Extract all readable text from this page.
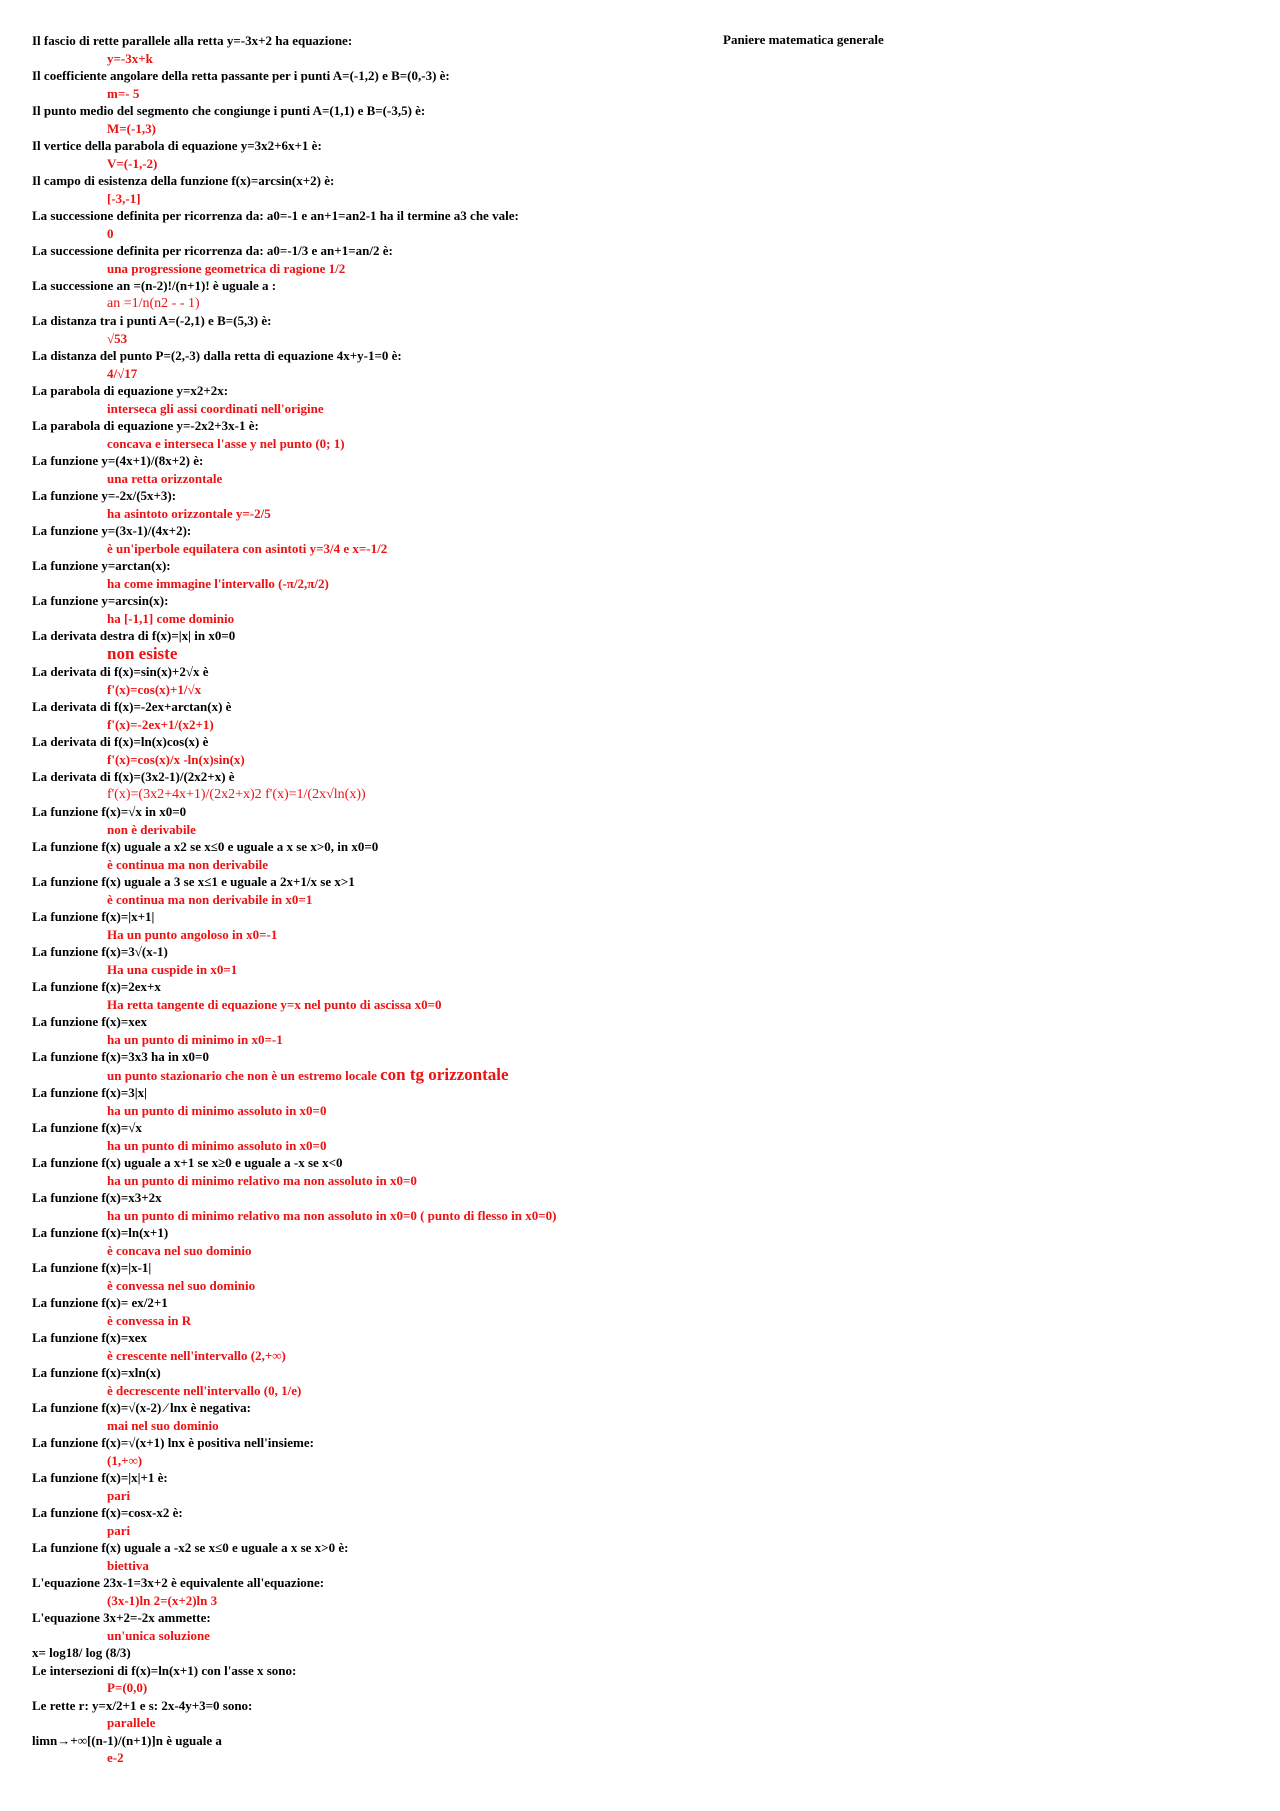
Paniere matematica generale
Il fascio di rette parallele alla retta y=-3x+2 ha equazione:
y=-3x+k
Il coefficiente angolare della retta passante per i punti A=(-1,2) e B=(0,-3) è:
m=- 5
Il punto medio del segmento che congiunge i punti A=(1,1) e B=(-3,5) è:
M=(-1,3)
Il vertice della parabola di equazione y=3x2+6x+1 è:
V=(-1,-2)
Il campo di esistenza della funzione f(x)=arcsin(x+2) è:
[-3,-1]
La successione definita per ricorrenza da: a0=-1 e an+1=an2-1 ha il termine a3 che vale:
0
La successione definita per ricorrenza da: a0=-1/3 e an+1=an/2 è:
una progressione geometrica di ragione 1/2
La successione an =(n-2)!/(n+1)! è uguale a :
an =1/n(n2 - - 1)
La distanza tra i punti A=(-2,1) e B=(5,3) è:
√53
La distanza del punto P=(2,-3) dalla retta di equazione 4x+y-1=0 è:
4/√17
La parabola di equazione y=x2+2x:
interseca gli assi coordinati nell'origine
La parabola di equazione y=-2x2+3x-1 è:
concava e interseca l'asse y nel punto (0; 1)
La funzione y=(4x+1)/(8x+2) è:
una retta orizzontale
La funzione y=-2x/(5x+3):
ha asintoto orizzontale y=-2/5
La funzione y=(3x-1)/(4x+2):
è un'iperbole equilatera con asintoti y=3/4 e x=-1/2
La funzione y=arctan(x):
ha come immagine l'intervallo (-π/2,π/2)
La funzione y=arcsin(x):
ha [-1,1] come dominio
La derivata destra di f(x)=|x| in x0=0
non esiste
La derivata di f(x)=sin(x)+2√x è
f'(x)=cos(x)+1/√x
La derivata di f(x)=-2ex+arctan(x) è
f'(x)=-2ex+1/(x2+1)
La derivata di f(x)=ln(x)cos(x) è
f'(x)=cos(x)/x -ln(x)sin(x)
La derivata di f(x)=(3x2-1)/(2x2+x) è
f'(x)=(3x2+4x+1)/(2x2+x)2 f'(x)=1/(2x√ln(x))
La funzione f(x)=√x in x0=0
non è derivabile
La funzione f(x) uguale a x2 se x≤0 e uguale a x se x>0, in x0=0
è continua ma non derivabile
La funzione f(x) uguale a 3 se x≤1 e uguale a 2x+1/x se x>1
è continua ma non derivabile in x0=1
La funzione f(x)=|x+1|
Ha un punto angoloso in x0=-1
La funzione f(x)=3√(x-1)
Ha una cuspide in x0=1
La funzione f(x)=2ex+x
Ha retta tangente di equazione y=x nel punto di ascissa x0=0
La funzione f(x)=xex
ha un punto di minimo in x0=-1
La funzione f(x)=3x3 ha in x0=0
un punto stazionario che non è un estremo locale con tg orizzontale
La funzione f(x)=3|x|
ha un punto di minimo assoluto in x0=0
La funzione f(x)=√x
ha un punto di minimo assoluto in x0=0
La funzione f(x) uguale a x+1 se x≥0 e uguale a -x se x<0
ha un punto di minimo relativo ma non assoluto in x0=0
La funzione f(x)=x3+2x
ha un punto di minimo relativo ma non assoluto in x0=0 ( punto di flesso in x0=0)
La funzione f(x)=ln(x+1)
è concava nel suo dominio
La funzione f(x)=|x-1|
è convessa nel suo dominio
La funzione f(x)= ex/2+1
è convessa in R
La funzione f(x)=xex
è crescente nell'intervallo (2,+∞)
La funzione f(x)=xln(x)
è decrescente nell'intervallo (0, 1/e)
La funzione f(x)=√(x-2) ⁄ lnx è negativa:
mai nel suo dominio
La funzione f(x)=√(x+1) lnx è positiva nell'insieme:
(1,+∞)
La funzione f(x)=|x|+1 è:
pari
La funzione f(x)=cosx-x2 è:
pari
La funzione f(x) uguale a -x2 se x≤0 e uguale a x se x>0 è:
biettiva
L'equazione 23x-1=3x+2 è equivalente all'equazione:
(3x-1)ln 2=(x+2)ln 3
L'equazione 3x+2=-2x ammette:
un'unica soluzione
x= log18/ log (8/3)
Le intersezioni di f(x)=ln(x+1) con l'asse x sono:
P=(0,0)
Le rette r: y=x/2+1 e s: 2x-4y+3=0 sono:
parallele
limn→+∞[(n-1)/(n+1)]n è uguale a
e-2
